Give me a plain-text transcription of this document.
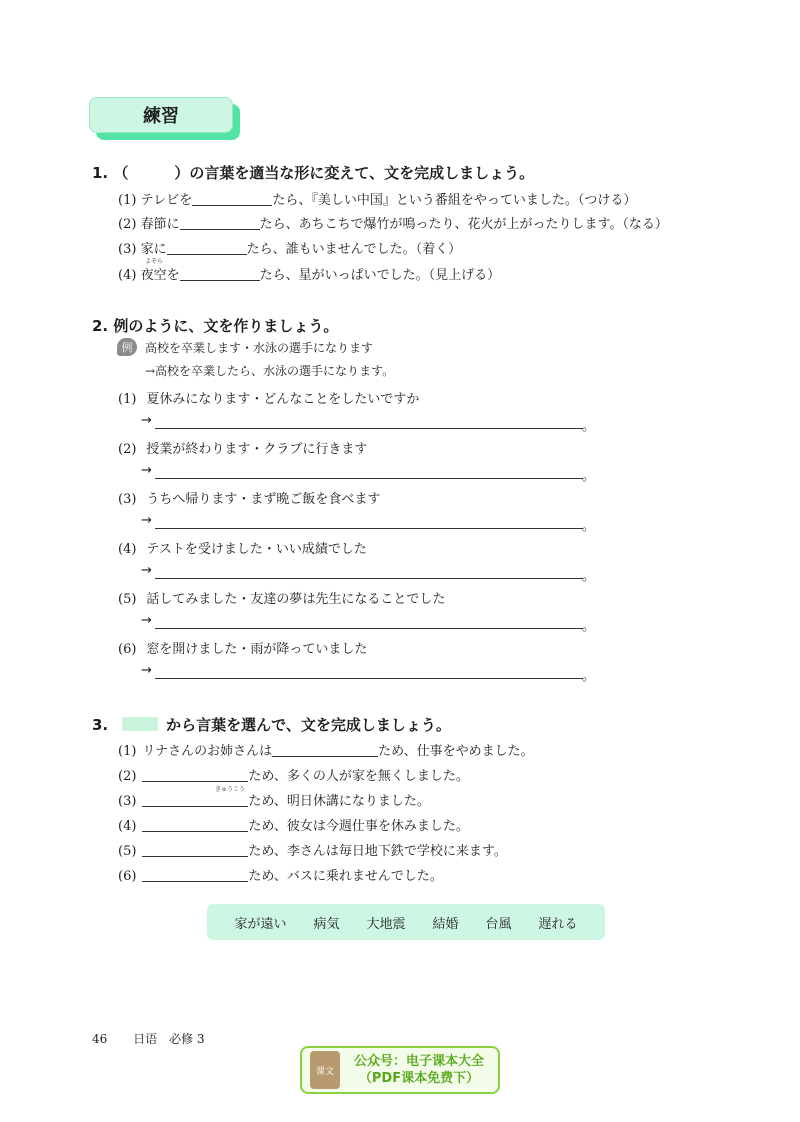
練習
1. （	）の言葉を適当な形に変えて、文を完成しましょう。
(1) テレビを	たら、『美しい中国』という番組をやっていました。（つける）
(2) 春節に	たら、あちこちで爆竹が鳴ったり、花火が上がったりします。（なる）
(3) 家に	たら、誰もいませんでした。（着く）
よぞら
(4) 夜空を	たら、星がいっぱいでした。（見上げる）
2. 例のように、文を作りましょう。
例	高校を卒業します・水泳の選手になります
→高校を卒業したら、水泳の選手になります。
(1) 夏休みになります・どんなことをしたいですか
→	。
(2) 授業が終わります・クラブに行きます
→	。
(3) うちへ帰ります・まず晩ご飯を食べます
→	。
(4) テストを受けました・いい成績でした
→	。
(5) 話してみました・友達の夢は先生になることでした
→	。
(6) 窓を開けました・雨が降っていました
→	。
3.	から言葉を選んで、文を完成しましょう。
(1) リナさんのお姉さんは	ため、仕事をやめました。
(2)	ため、多くの人が家を無くしました。
(3)	ため、明日休講になりました。
(4)	ため、彼女は今週仕事を休みました。
(5)	ため、李さんは毎日地下鉄で学校に来ます。
(6)	ため、バスに乗れませんでした。
きゅうこう
家が遠い 病気 大地震 結婚 台風 遅れる
46 日语　必修 3
课文
公众号：电子课本大全
（PDF课本免费下）
